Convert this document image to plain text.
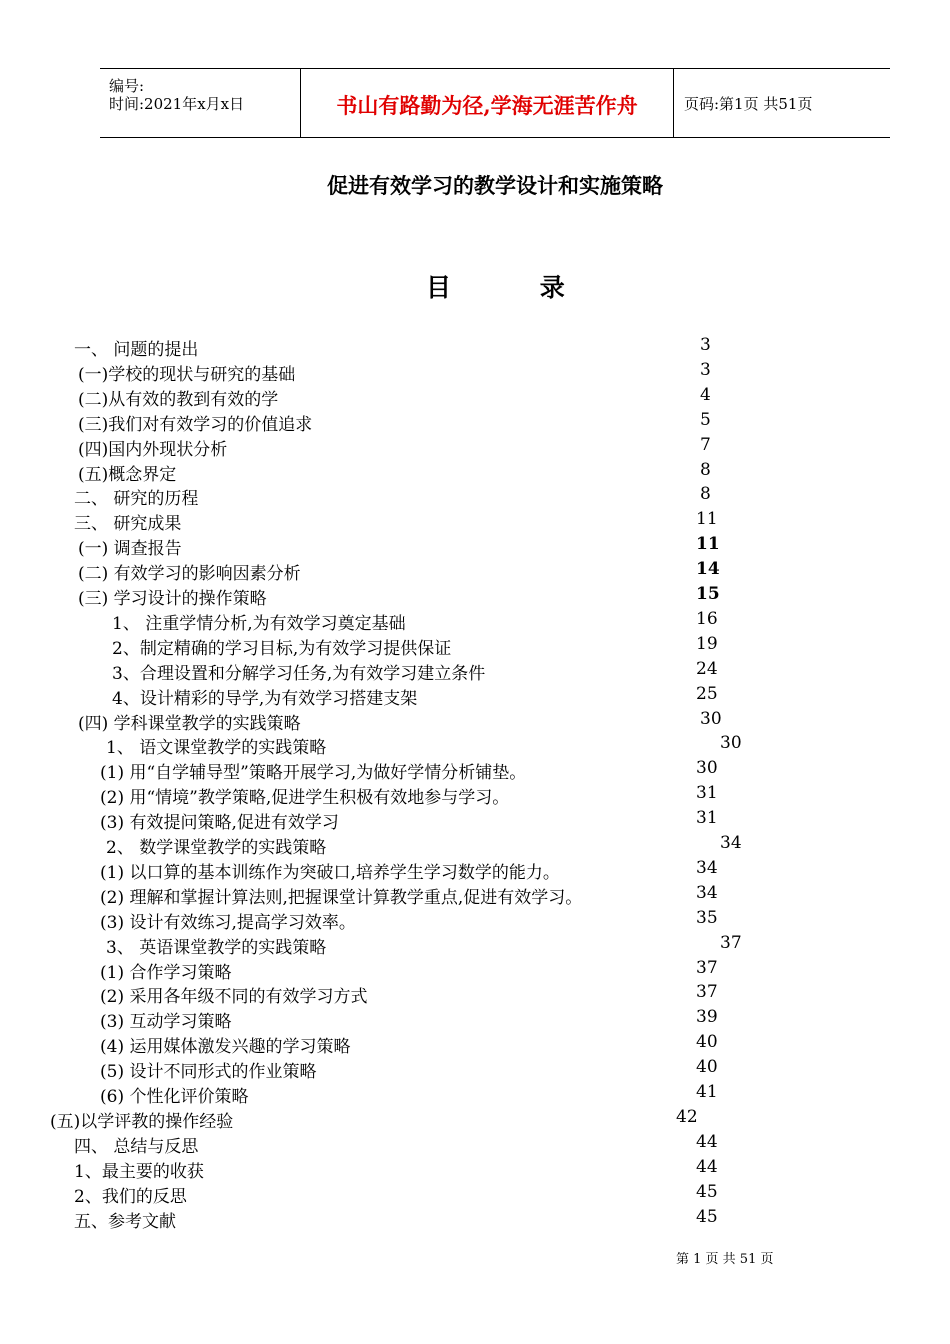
编号:
时间:2021年x月x日	书山有路勤为径,学海无涯苦作舟	页码:第1页 共51页
促进有效学习的教学设计和实施策略
目	录
一、 问题的提出	3
(一)学校的现状与研究的基础	3
(二)从有效的教到有效的学	4
(三)我们对有效学习的价值追求	5
(四)国内外现状分析	7
(五)概念界定	8
二、 研究的历程	8
三、 研究成果	11
(一) 调查报告	11
(二) 有效学习的影响因素分析	14
(三) 学习设计的操作策略	15
1、 注重学情分析,为有效学习奠定基础	16
2、制定精确的学习目标,为有效学习提供保证	19
3、合理设置和分解学习任务,为有效学习建立条件	24
4、设计精彩的导学,为有效学习搭建支架	25
(四) 学科课堂教学的实践策略	30
1、 语文课堂教学的实践策略	30
(1) 用“自学辅导型”策略开展学习,为做好学情分析铺垫。	30
(2) 用“情境”教学策略,促进学生积极有效地参与学习。	31
(3) 有效提问策略,促进有效学习	31
2、 数学课堂教学的实践策略	34
(1) 以口算的基本训练作为突破口,培养学生学习数学的能力。	34
(2) 理解和掌握计算法则,把握课堂计算教学重点,促进有效学习。	34
(3) 设计有效练习,提高学习效率。	35
3、 英语课堂教学的实践策略	37
(1) 合作学习策略	37
(2) 采用各年级不同的有效学习方式	37
(3) 互动学习策略	39
(4) 运用媒体激发兴趣的学习策略	40
(5) 设计不同形式的作业策略	40
(6) 个性化评价策略	41
(五)以学评教的操作经验	42
四、 总结与反思	44
1、最主要的收获	44
2、我们的反思	45
五、参考文献	45
第 1 页 共 51 页
